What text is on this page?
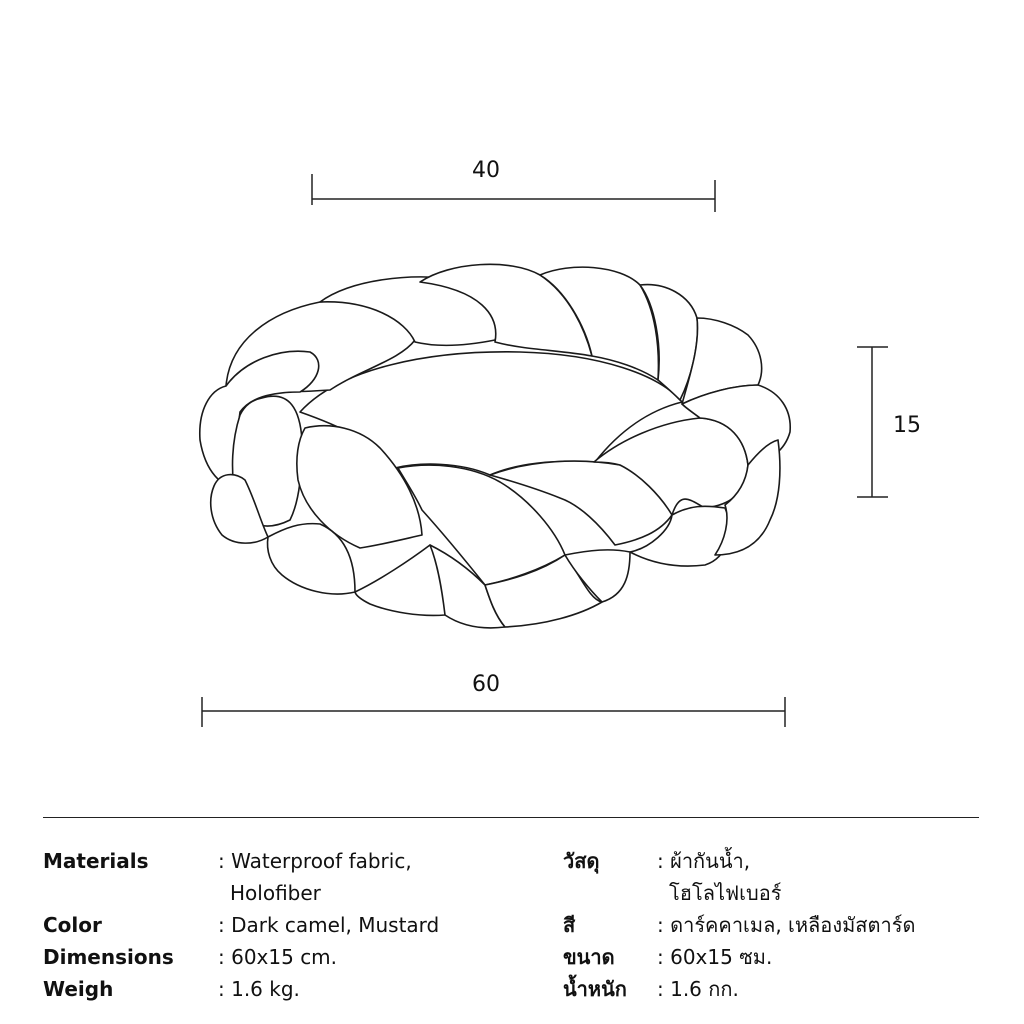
40
15
60
Materials	: Waterproof fabric,
Holofiber
Color	: Dark camel, Mustard
Dimensions	: 60x15 cm.
Weigh	: 1.6 kg.
วัสดุ	: ผ้ากันน้ำ,
โฮโลไฟเบอร์
สี	: ดาร์คคาเมล, เหลืองมัสตาร์ด
ขนาด	: 60x15 ซม.
น้ำหนัก	: 1.6 กก.
